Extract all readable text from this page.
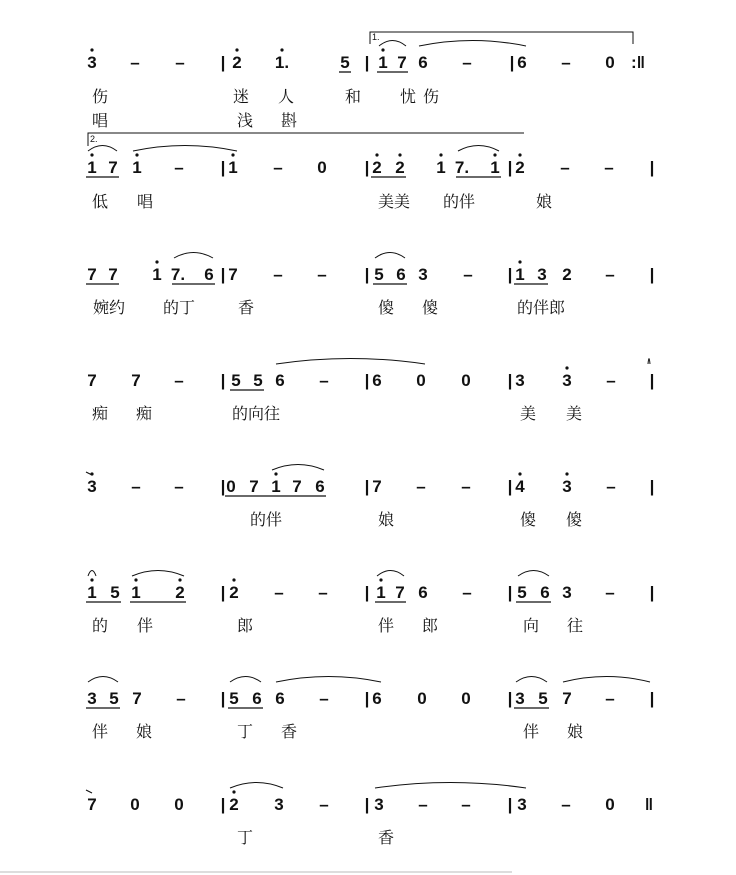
1.
2.
3 – – | 2 1.	5 | 1 7 6 – | 6 – 0 :‖
1 7 1 – | 1 – 0 | 2 2 1 7. 1 | 2 – – |
7 7 1 7. 6 | 7 – – | 5 6 3 – | 1 3 2 – |
7 7 – | 5 5 6 – | 6 0 0 | 3 3 – |
3 – – | 0 7 1 7 6 | 7 – – | 4 3 – |
1 5 1 2 | 2 – – | 1 7 6 – | 5 6 3 – |
3 5 7 – | 5 6 6 – | 6 0 0 | 3 5 7 – |
7 0 0 | 2 3 – | 3 – – | 3 – 0 ‖
伤	迷 人	和 忧 伤
唱	浅 斟
低 唱	美美 的伴	娘
婉约 的丁	香	傻 傻	的伴郎
痴 痴	的向往	美 美
的伴	娘	傻 傻
的 伴	郎	伴 郎	向 往
伴 娘	丁 香	伴 娘
丁	香
